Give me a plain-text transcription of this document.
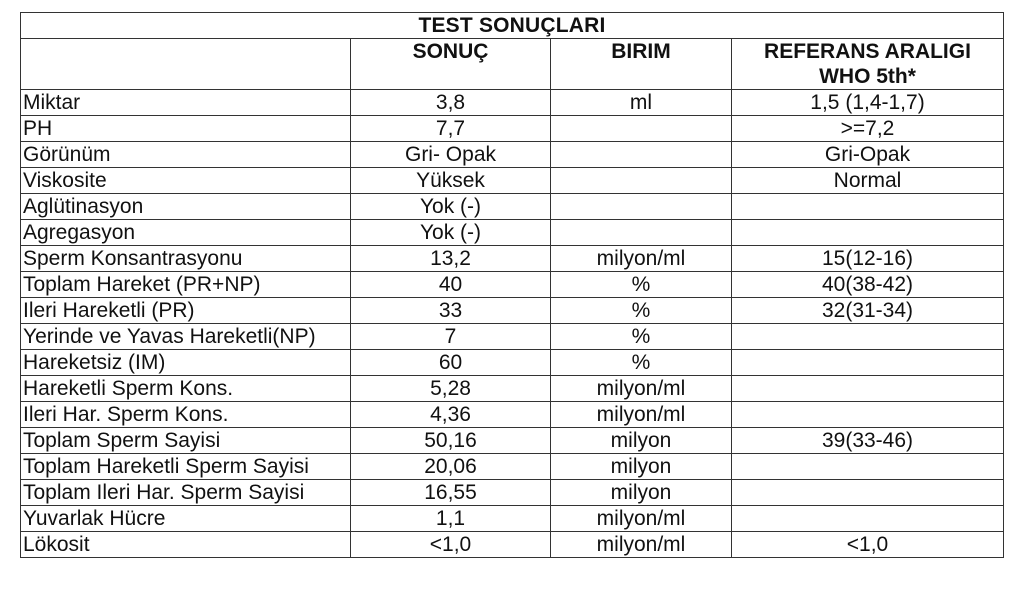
TEST SONUÇLARI			
	SONUÇ	BIRIM	REFERANS ARALIGI
WHO 5th*

Miktar	3,8	ml	1,5 (1,4-1,7)
PH	7,7		>=7,2
Görünüm	Gri- Opak		Gri-Opak
Viskosite	Yüksek		Normal
Aglütinasyon	Yok (-)		
Agregasyon	Yok (-)		
Sperm Konsantrasyonu	13,2	milyon/ml	15(12-16)
Toplam Hareket (PR+NP)	40	%	40(38-42)
Ileri Hareketli (PR)	33	%	32(31-34)
Yerinde ve Yavas Hareketli(NP)	7	%	
Hareketsiz (IM)	60	%	
Hareketli Sperm Kons.	5,28	milyon/ml	
Ileri Har. Sperm Kons.	4,36	milyon/ml	
Toplam Sperm Sayisi	50,16	milyon	39(33-46)
Toplam Hareketli Sperm Sayisi	20,06	milyon	
Toplam Ileri Har. Sperm Sayisi	16,55	milyon	
Yuvarlak Hücre	1,1	milyon/ml	
Lökosit	<1,0	milyon/ml	<1,0
